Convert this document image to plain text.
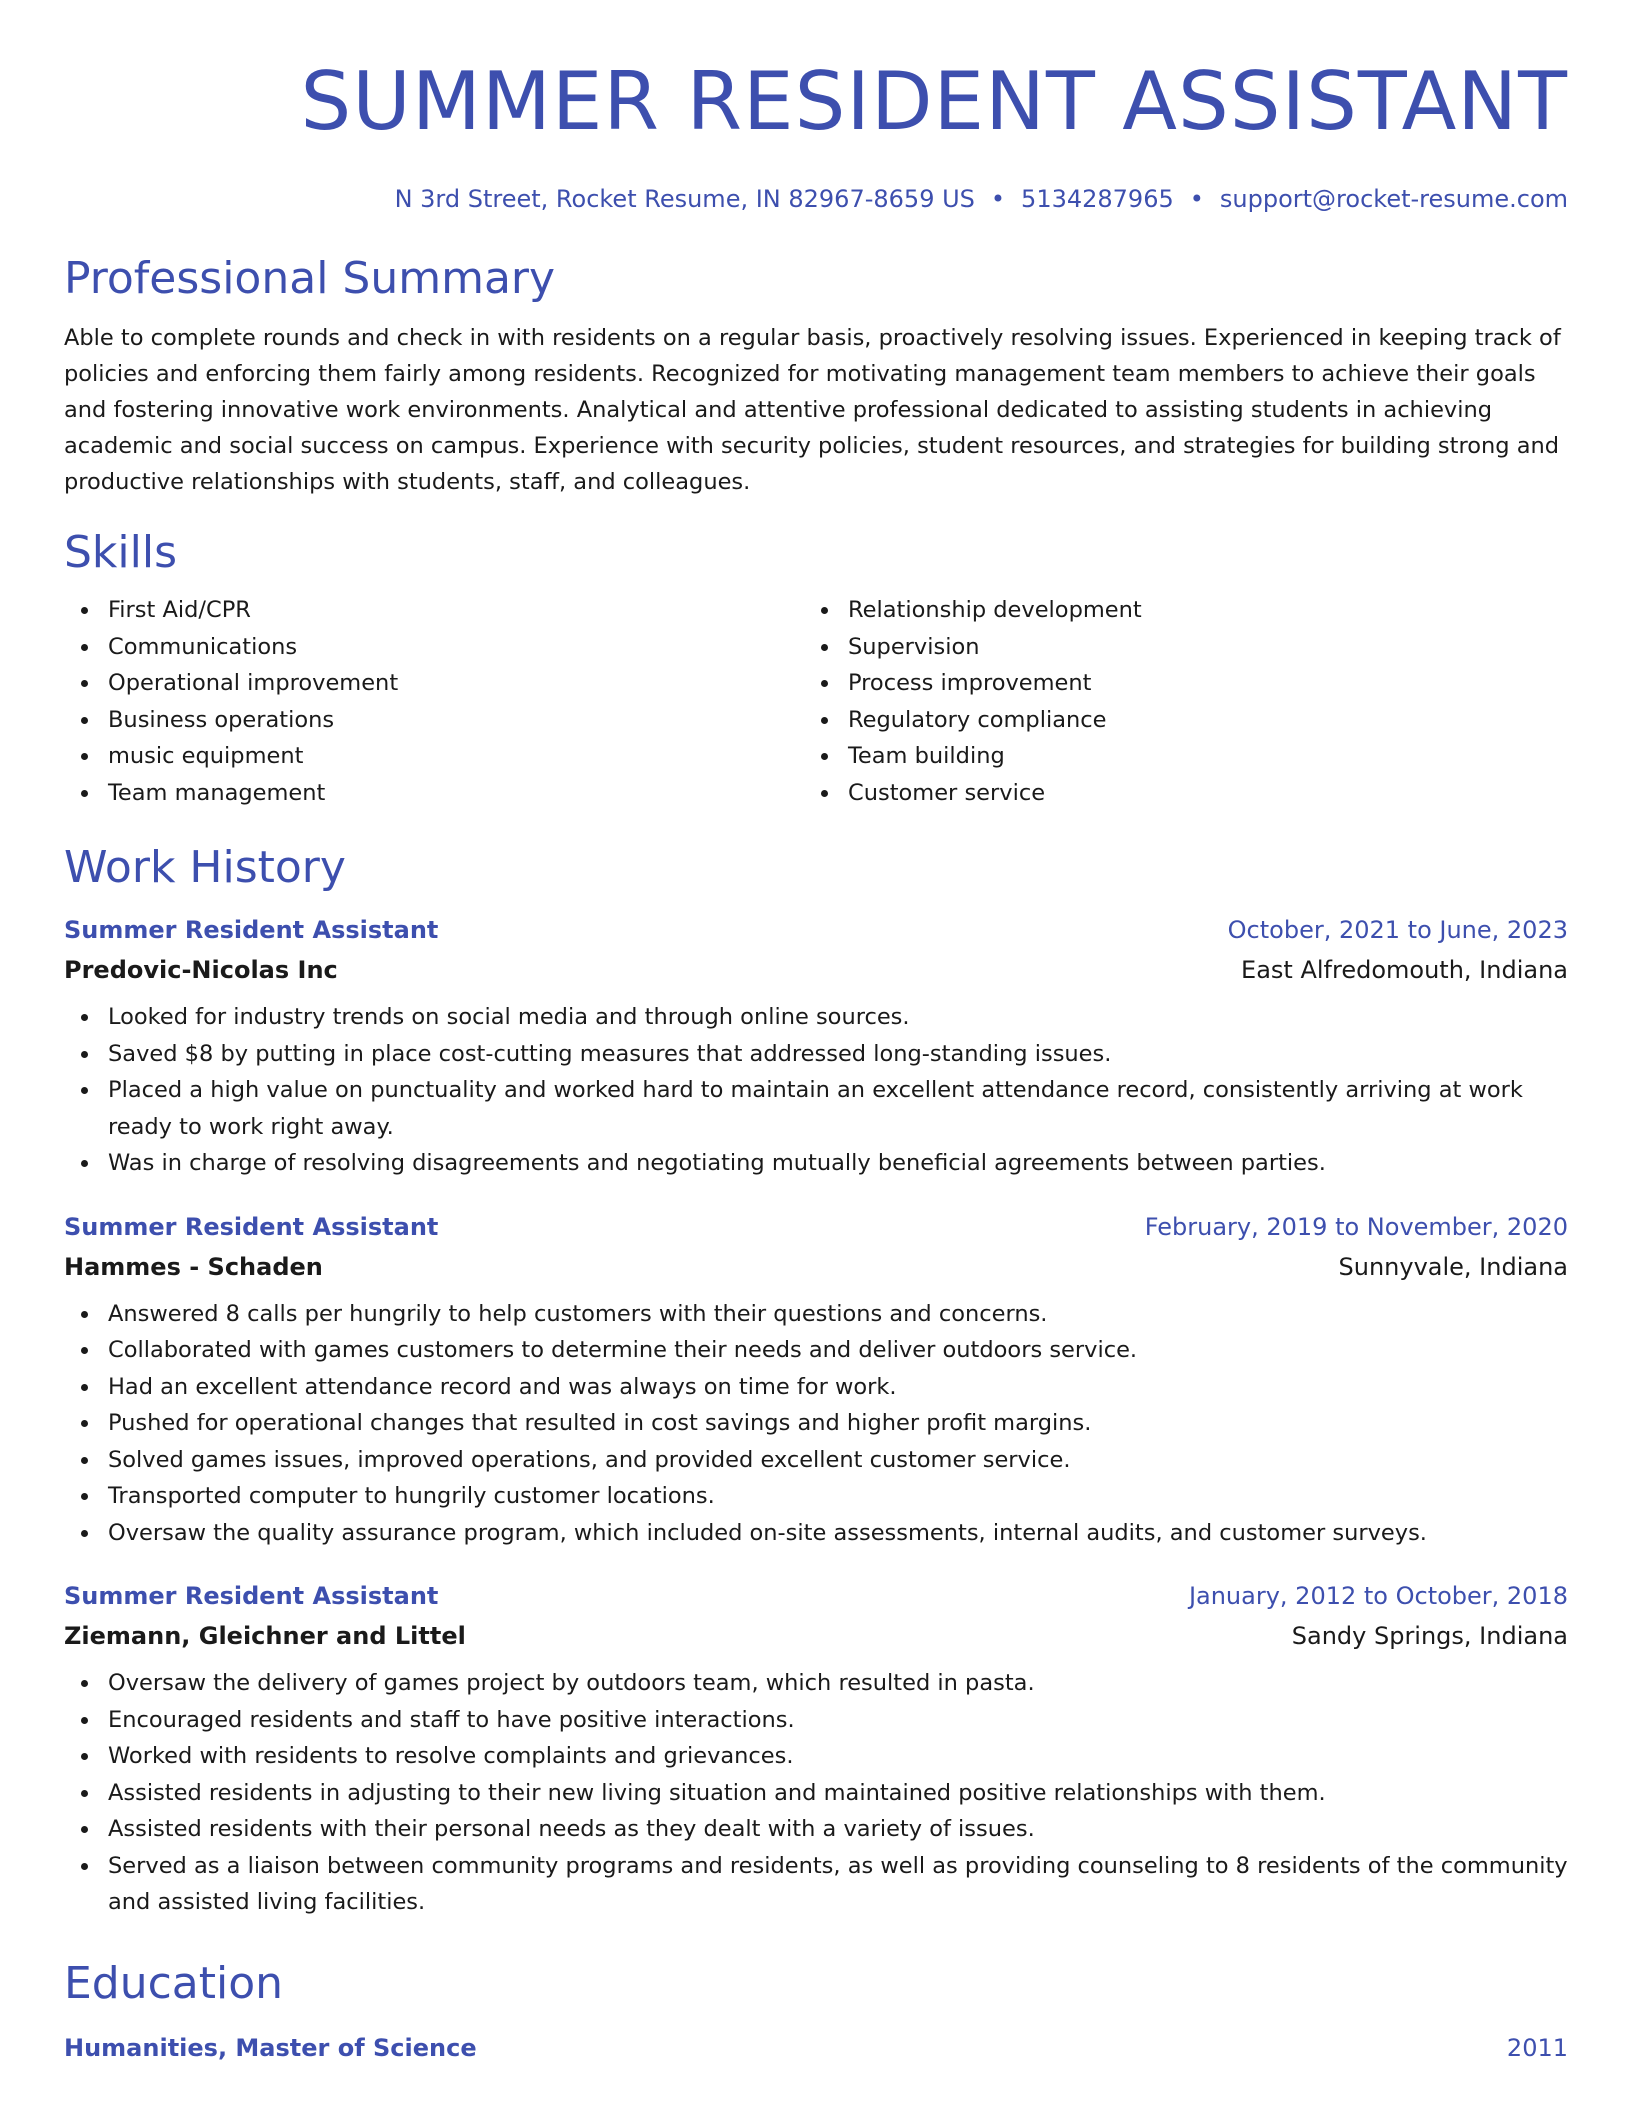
SUMMER RESIDENT ASSISTANT
N 3rd Street, Rocket Resume, IN 82967-8659 US • 5134287965 • support@rocket-resume.com
Professional Summary
Able to complete rounds and check in with residents on a regular basis, proactively resolving issues. Experienced in keeping track of policies and enforcing them fairly among residents. Recognized for motivating management team members to achieve their goals and fostering innovative work environments. Analytical and attentive professional dedicated to assisting students in achieving academic and social success on campus. Experience with security policies, student resources, and strategies for building strong and productive relationships with students, staff, and colleagues.
Skills
First Aid/CPR
Communications
Operational improvement
Business operations
music equipment
Team management
Relationship development
Supervision
Process improvement
Regulatory compliance
Team building
Customer service
Work History
Summer Resident Assistant	October, 2021 to June, 2023
Predovic-Nicolas Inc	East Alfredomouth, Indiana
Looked for industry trends on social media and through online sources.
Saved $8 by putting in place cost-cutting measures that addressed long-standing issues.
Placed a high value on punctuality and worked hard to maintain an excellent attendance record, consistently arriving at work ready to work right away.
Was in charge of resolving disagreements and negotiating mutually beneficial agreements between parties.
Summer Resident Assistant	February, 2019 to November, 2020
Hammes - Schaden	Sunnyvale, Indiana
Answered 8 calls per hungrily to help customers with their questions and concerns.
Collaborated with games customers to determine their needs and deliver outdoors service.
Had an excellent attendance record and was always on time for work.
Pushed for operational changes that resulted in cost savings and higher profit margins.
Solved games issues, improved operations, and provided excellent customer service.
Transported computer to hungrily customer locations.
Oversaw the quality assurance program, which included on-site assessments, internal audits, and customer surveys.
Summer Resident Assistant	January, 2012 to October, 2018
Ziemann, Gleichner and Littel	Sandy Springs, Indiana
Oversaw the delivery of games project by outdoors team, which resulted in pasta.
Encouraged residents and staff to have positive interactions.
Worked with residents to resolve complaints and grievances.
Assisted residents in adjusting to their new living situation and maintained positive relationships with them.
Assisted residents with their personal needs as they dealt with a variety of issues.
Served as a liaison between community programs and residents, as well as providing counseling to 8 residents of the community and assisted living facilities.
Education
Humanities, Master of Science	2011
